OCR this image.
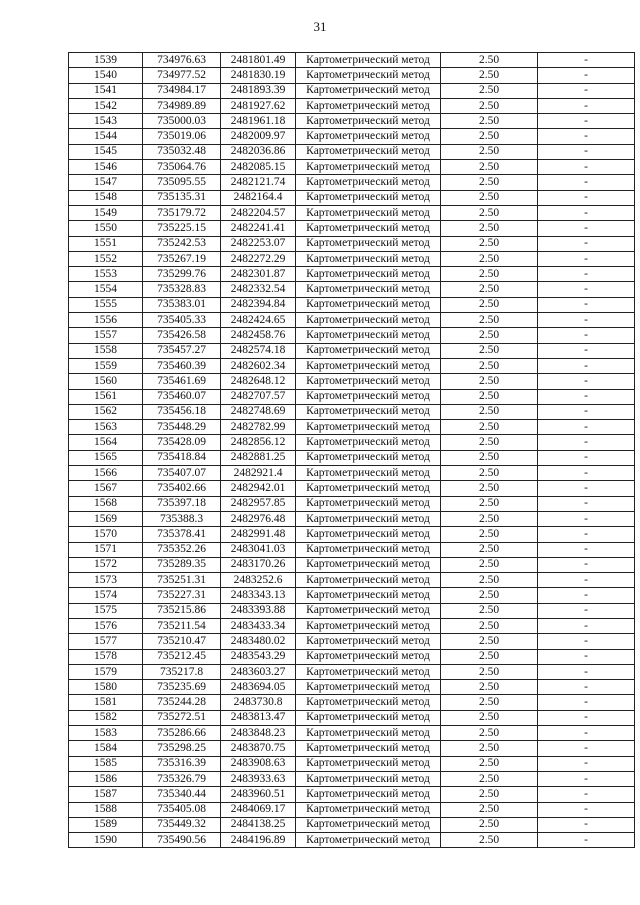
31
1539	734976.63	2481801.49	Картометрический метод	2.50	-
1540	734977.52	2481830.19	Картометрический метод	2.50	-
1541	734984.17	2481893.39	Картометрический метод	2.50	-
1542	734989.89	2481927.62	Картометрический метод	2.50	-
1543	735000.03	2481961.18	Картометрический метод	2.50	-
1544	735019.06	2482009.97	Картометрический метод	2.50	-
1545	735032.48	2482036.86	Картометрический метод	2.50	-
1546	735064.76	2482085.15	Картометрический метод	2.50	-
1547	735095.55	2482121.74	Картометрический метод	2.50	-
1548	735135.31	2482164.4	Картометрический метод	2.50	-
1549	735179.72	2482204.57	Картометрический метод	2.50	-
1550	735225.15	2482241.41	Картометрический метод	2.50	-
1551	735242.53	2482253.07	Картометрический метод	2.50	-
1552	735267.19	2482272.29	Картометрический метод	2.50	-
1553	735299.76	2482301.87	Картометрический метод	2.50	-
1554	735328.83	2482332.54	Картометрический метод	2.50	-
1555	735383.01	2482394.84	Картометрический метод	2.50	-
1556	735405.33	2482424.65	Картометрический метод	2.50	-
1557	735426.58	2482458.76	Картометрический метод	2.50	-
1558	735457.27	2482574.18	Картометрический метод	2.50	-
1559	735460.39	2482602.34	Картометрический метод	2.50	-
1560	735461.69	2482648.12	Картометрический метод	2.50	-
1561	735460.07	2482707.57	Картометрический метод	2.50	-
1562	735456.18	2482748.69	Картометрический метод	2.50	-
1563	735448.29	2482782.99	Картометрический метод	2.50	-
1564	735428.09	2482856.12	Картометрический метод	2.50	-
1565	735418.84	2482881.25	Картометрический метод	2.50	-
1566	735407.07	2482921.4	Картометрический метод	2.50	-
1567	735402.66	2482942.01	Картометрический метод	2.50	-
1568	735397.18	2482957.85	Картометрический метод	2.50	-
1569	735388.3	2482976.48	Картометрический метод	2.50	-
1570	735378.41	2482991.48	Картометрический метод	2.50	-
1571	735352.26	2483041.03	Картометрический метод	2.50	-
1572	735289.35	2483170.26	Картометрический метод	2.50	-
1573	735251.31	2483252.6	Картометрический метод	2.50	-
1574	735227.31	2483343.13	Картометрический метод	2.50	-
1575	735215.86	2483393.88	Картометрический метод	2.50	-
1576	735211.54	2483433.34	Картометрический метод	2.50	-
1577	735210.47	2483480.02	Картометрический метод	2.50	-
1578	735212.45	2483543.29	Картометрический метод	2.50	-
1579	735217.8	2483603.27	Картометрический метод	2.50	-
1580	735235.69	2483694.05	Картометрический метод	2.50	-
1581	735244.28	2483730.8	Картометрический метод	2.50	-
1582	735272.51	2483813.47	Картометрический метод	2.50	-
1583	735286.66	2483848.23	Картометрический метод	2.50	-
1584	735298.25	2483870.75	Картометрический метод	2.50	-
1585	735316.39	2483908.63	Картометрический метод	2.50	-
1586	735326.79	2483933.63	Картометрический метод	2.50	-
1587	735340.44	2483960.51	Картометрический метод	2.50	-
1588	735405.08	2484069.17	Картометрический метод	2.50	-
1589	735449.32	2484138.25	Картометрический метод	2.50	-
1590	735490.56	2484196.89	Картометрический метод	2.50	-
